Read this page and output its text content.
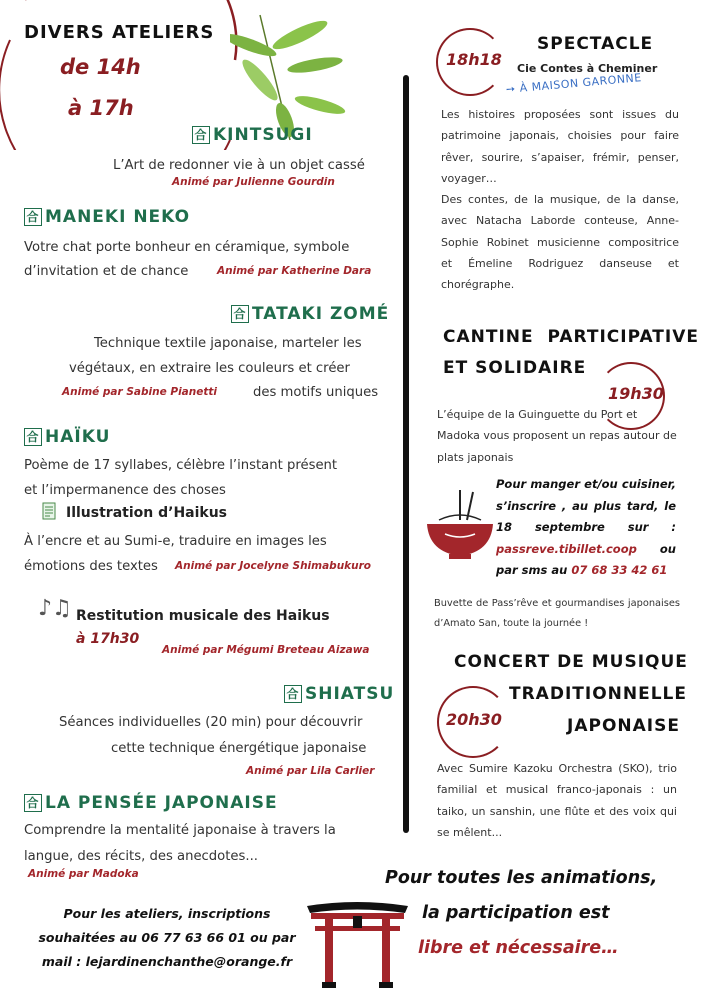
DIVERS ATELIERS
de 14h
à 17h
合 KINTSUGI
L’Art de redonner vie à un objet cassé
Animé par Julienne Gourdin
合 MANEKI NEKO
Votre chat porte bonheur en céramique, symbole
d’invitation et de chance	Animé par Katherine Dara
合 TATAKI ZOMÉ
Technique textile japonaise, marteler les
végétaux, en extraire les couleurs et créer
Animé par Sabine Pianetti	des motifs uniques
合 HAÏKU
Poème de 17 syllabes, célèbre l’instant présent
et l’impermanence des choses
Illustration d’Haikus
À l’encre et au Sumi-e, traduire en images les
émotions des textes Animé par Jocelyne Shimabukuro
♪♫ Restitution musicale des Haikus
à 17h30
Animé par Mégumi Breteau Aizawa
合 SHIATSU
Séances individuelles (20 min) pour découvrir
cette technique énergétique japonaise
Animé par Lila Carlier
合 LA PENSÉE JAPONAISE
Comprendre la mentalité japonaise à travers la
langue, des récits, des anecdotes...
Animé par Madoka
Pour les ateliers, inscriptions
souhaitées au 06 77 63 66 01 ou par
mail : lejardinenchanthe@orange.fr
18h18
SPECTACLE
Cie Contes à Cheminer
➙ À MAISON GARONNE
Les histoires proposées sont issues du patrimoine japonais, choisies pour faire rêver, sourire, s’apaiser, frémir, penser, voyager…
Des contes, de la musique, de la danse, avec Natacha Laborde conteuse, Anne-Sophie Robinet musicienne compositrice et Émeline Rodriguez danseuse et chorégraphe.
CANTINE  PARTICIPATIVE
ET SOLIDAIRE
19h30
L’équipe de la Guinguette du Port et Madoka vous proposent un repas autour de plats japonais
Pour manger et/ou cuisiner, s’inscrire , au plus tard, le 18 septembre sur : passreve.tibillet.coop ou par sms au 07 68 33 42 61
Buvette de Pass’rêve et gourmandises japonaises d’Amato San, toute la journée !
CONCERT DE MUSIQUE
TRADITIONNELLE
JAPONAISE
20h30
Avec Sumire Kazoku Orchestra (SKO), trio familial et musical franco-japonais : un taiko, un sanshin, une flûte et des voix qui se mêlent...
Pour toutes les animations,
la participation est
libre et nécessaire…
